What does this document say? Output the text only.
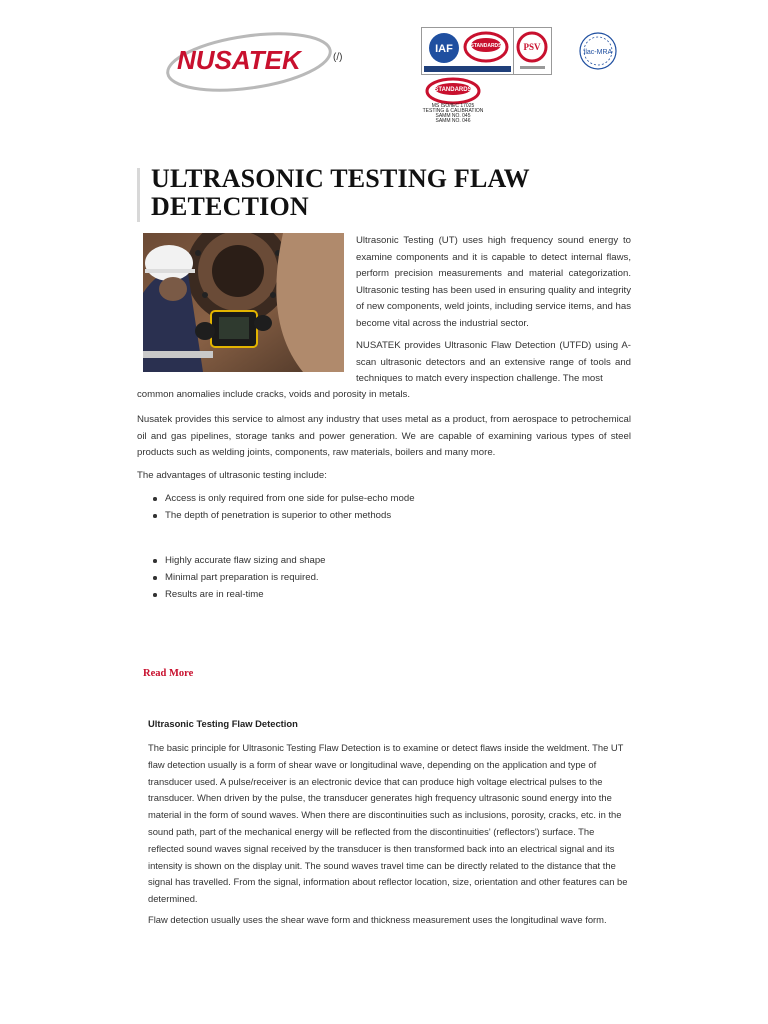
NUSATEK	(/)
IAF	STANDARDS PSV
ilac-MRA
STANDARDS
MS ISO/IEC 17025
TESTING & CALIBRATION
SAMM NO. 045
SAMM NO. 046
ULTRASONIC TESTING FLAW DETECTION

Ultrasonic Testing (UT) uses high frequency sound energy to examine components and it is capable to detect internal flaws, perform precision measurements and material categorization. Ultrasonic testing has been used in ensuring quality and integrity of new components, weld joints, including service items, and has become vital across the industrial sector.

NUSATEK provides Ultrasonic Flaw Detection (UTFD) using A-scan ultrasonic detectors and an extensive range of tools and techniques to match every inspection challenge. The most

common anomalies include cracks, voids and porosity in metals.

Nusatek provides this service to almost any industry that uses metal as a product, from aerospace to petrochemical oil and gas pipelines, storage tanks and power generation. We are capable of examining various types of steel products such as welding joints, components, raw materials, boilers and many more.

The advantages of ultrasonic testing include:

Access is only required from one side for pulse-echo mode
The depth of penetration is superior to other methods
Highly accurate flaw sizing and shape
Minimal part preparation is required.
Results are in real-time
Read More
Ultrasonic Testing Flaw Detection

The basic principle for Ultrasonic Testing Flaw Detection is to examine or detect flaws inside the weldment. The UT flaw detection usually is a form of shear wave or longitudinal wave, depending on the application and type of transducer used. A pulse/receiver is an electronic device that can produce high voltage electrical pulses to the transducer. When driven by the pulse, the transducer generates high frequency ultrasonic sound energy into the material in the form of sound waves. When there are discontinuities such as inclusions, porosity, cracks, etc. in the sound path, part of the mechanical energy will be reflected from the discontinuities' (reflectors') surface. The reflected sound waves signal received by the transducer is then transformed back into an electrical signal and its intensity is shown on the display unit. The sound waves travel time can be directly related to the distance that the signal has travelled. From the signal, information about reflector location, size, orientation and other features can be determined.

Flaw detection usually uses the shear wave form and thickness measurement uses the longitudinal wave form.
